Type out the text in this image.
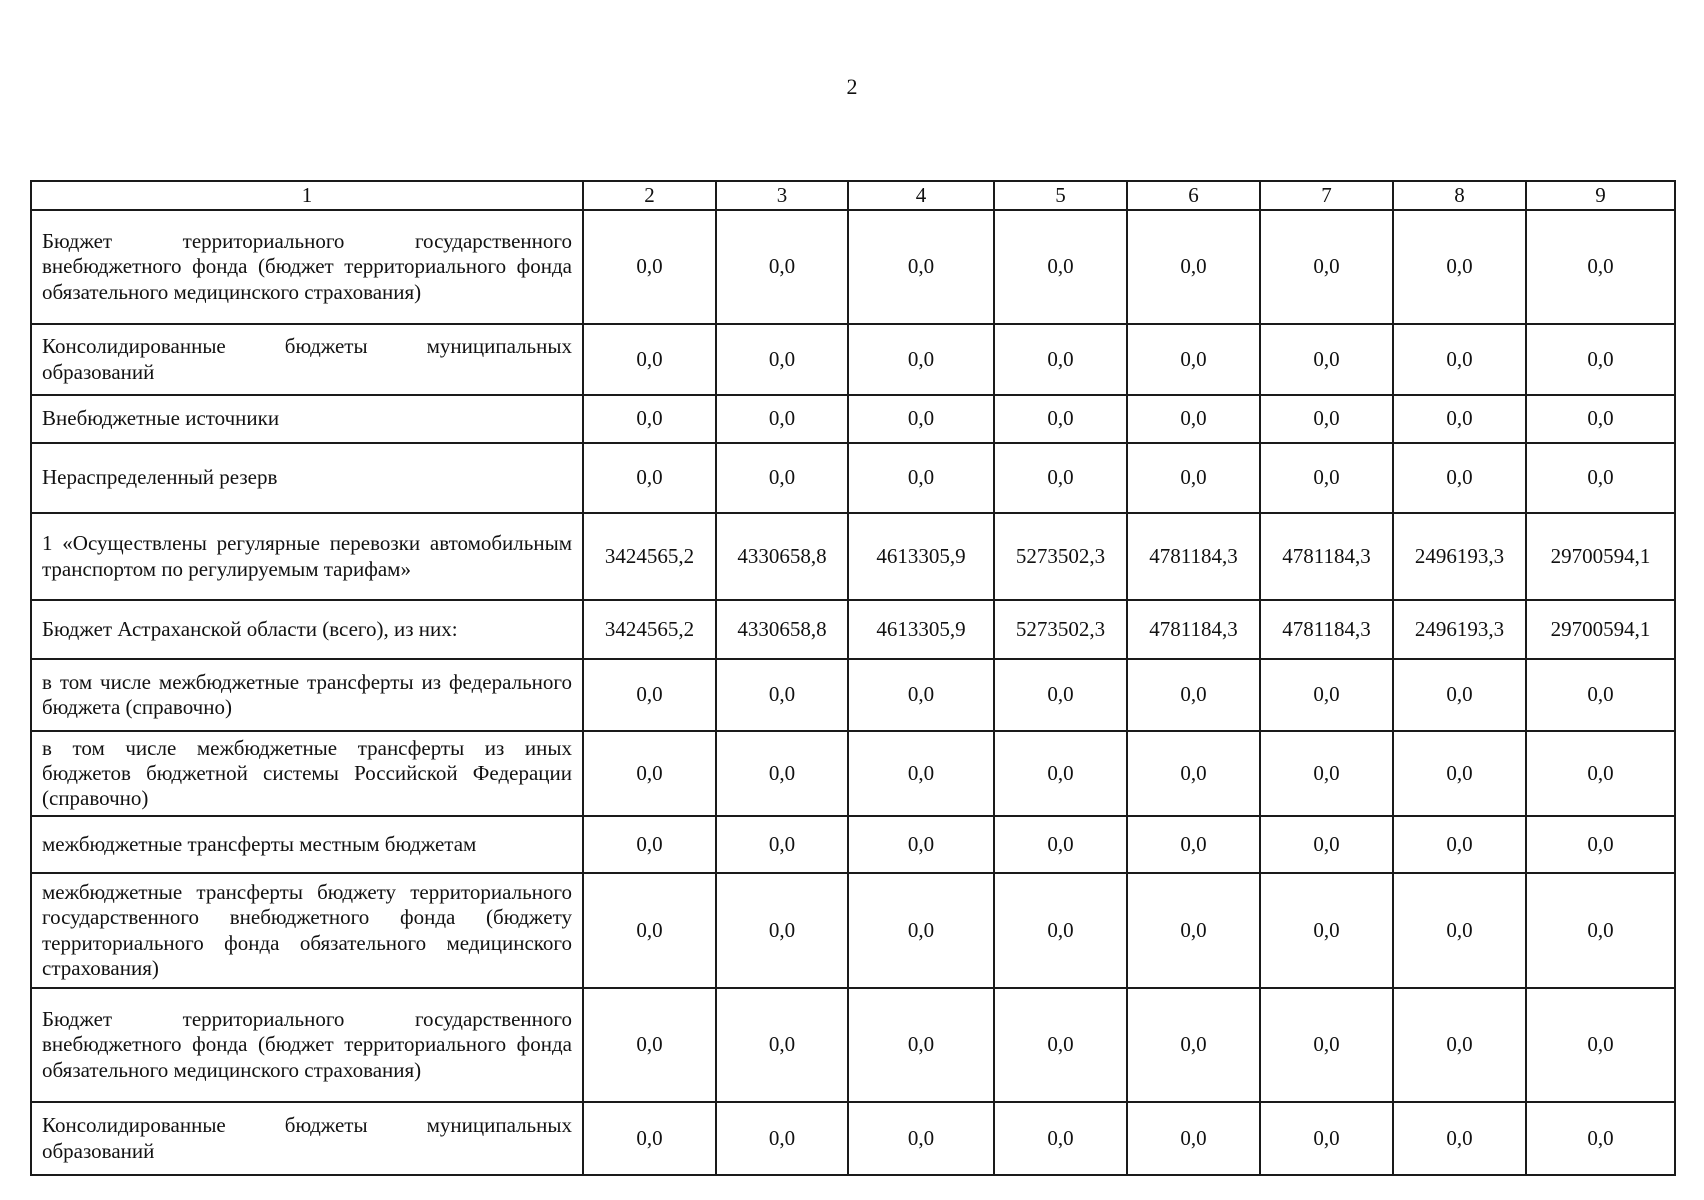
2
1	2	3	4	5	6	7	8	9
Бюджет территориального государственного внебюджетного фонда (бюджет территориального фонда обязательного медицинского страхования)	0,0	0,0	0,0	0,0	0,0	0,0	0,0	0,0
Консолидированные бюджеты муниципальных образований	0,0	0,0	0,0	0,0	0,0	0,0	0,0	0,0
Внебюджетные источники	0,0	0,0	0,0	0,0	0,0	0,0	0,0	0,0
Нераспределенный резерв	0,0	0,0	0,0	0,0	0,0	0,0	0,0	0,0
1 «Осуществлены регулярные перевозки автомобильным транспортом по регулируемым тарифам»	3424565,2	4330658,8	4613305,9	5273502,3	4781184,3	4781184,3	2496193,3	29700594,1
Бюджет Астраханской области (всего), из них:	3424565,2	4330658,8	4613305,9	5273502,3	4781184,3	4781184,3	2496193,3	29700594,1
в том числе межбюджетные трансферты из федерального бюджета (справочно)	0,0	0,0	0,0	0,0	0,0	0,0	0,0	0,0
в том числе межбюджетные трансферты из иных бюджетов бюджетной системы Российской Федерации (справочно)	0,0	0,0	0,0	0,0	0,0	0,0	0,0	0,0
межбюджетные трансферты местным бюджетам	0,0	0,0	0,0	0,0	0,0	0,0	0,0	0,0
межбюджетные трансферты бюджету территориального государственного внебюджетного фонда (бюджету территориального фонда обязательного медицинского страхования)	0,0	0,0	0,0	0,0	0,0	0,0	0,0	0,0
Бюджет территориального государственного внебюджетного фонда (бюджет территориального фонда обязательного медицинского страхования)	0,0	0,0	0,0	0,0	0,0	0,0	0,0	0,0
Консолидированные бюджеты муниципальных образований	0,0	0,0	0,0	0,0	0,0	0,0	0,0	0,0
